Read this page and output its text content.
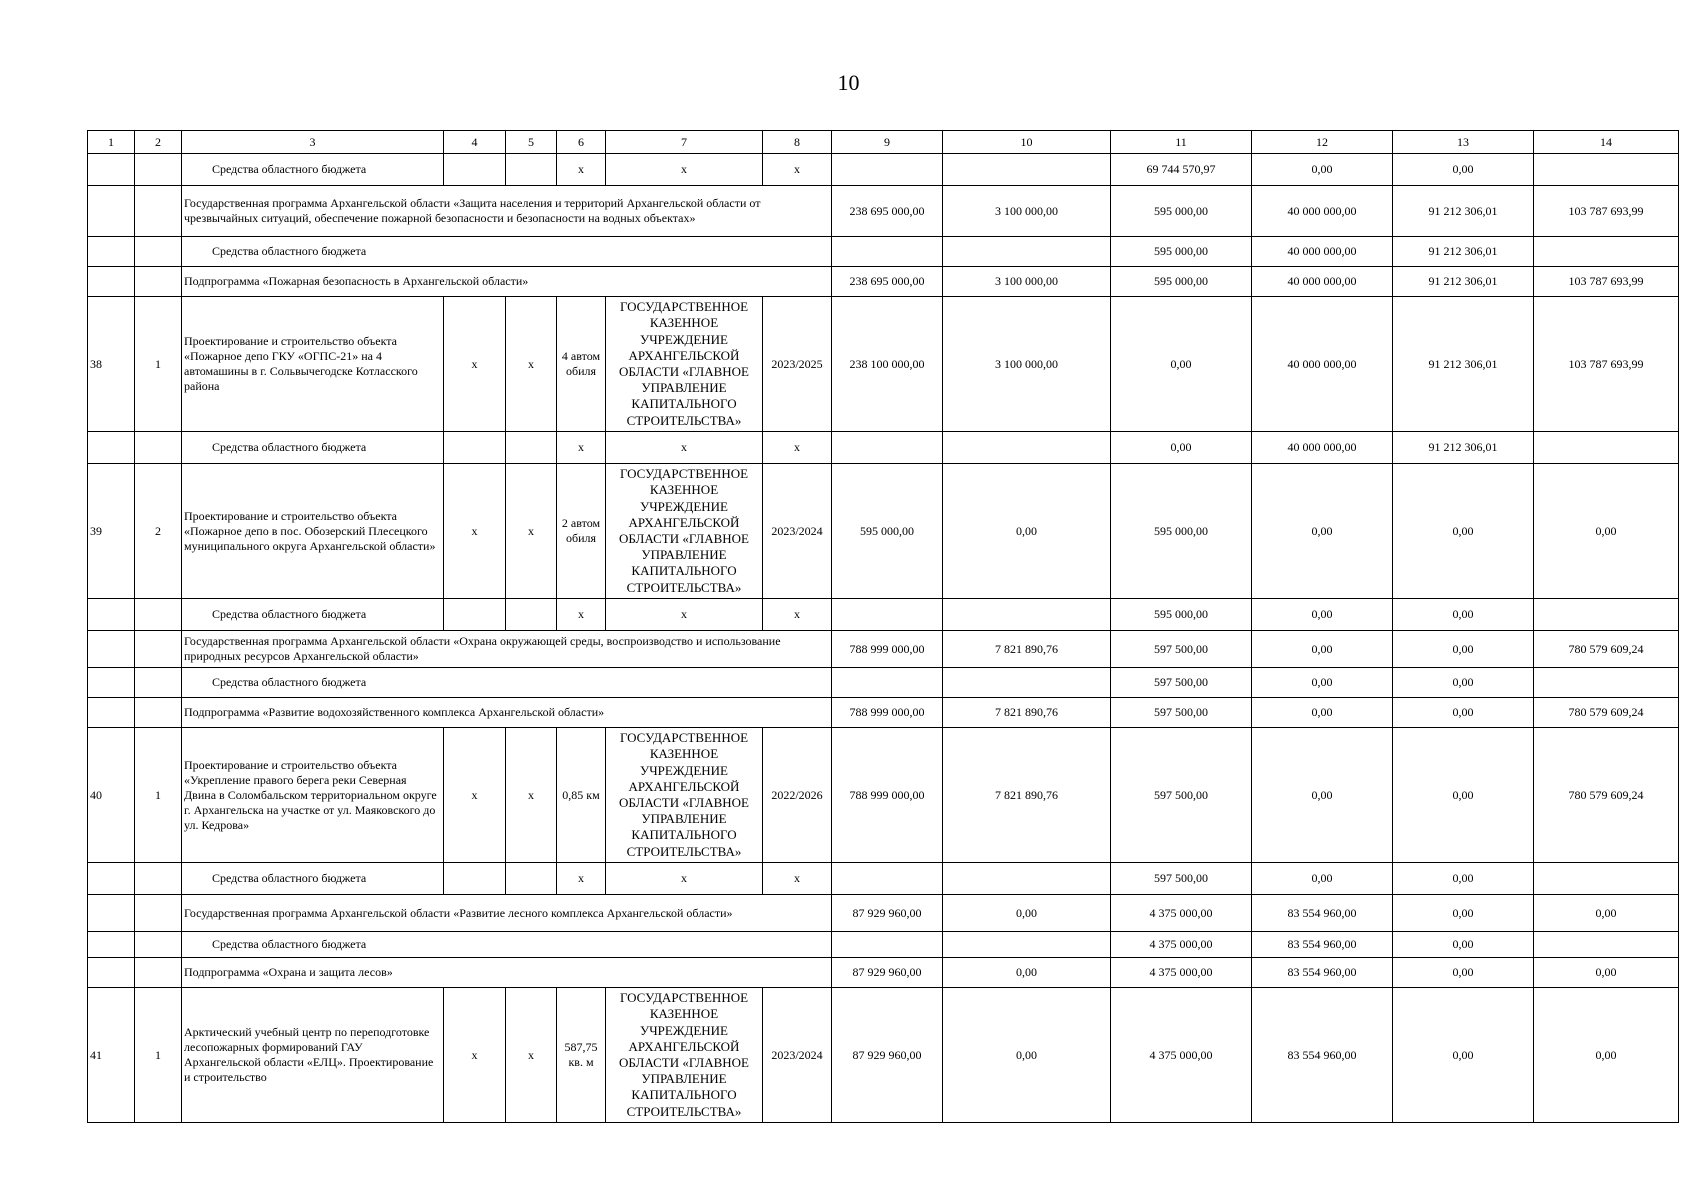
10
1	2	3	4	5	6	7	8	9	10	11	12	13	14
		Средства областного бюджета			х	х	х			69 744 570,97	0,00	0,00	
		Государственная программа Архангельской области «Защита населения и территорий Архангельской области от чрезвычайных ситуаций, обеспечение пожарной безопасности и безопасности на водных объектах»						238 695 000,00	3 100 000,00	595 000,00	40 000 000,00	91 212 306,01	103 787 693,99
		Средства областного бюджета								595 000,00	40 000 000,00	91 212 306,01	
		Подпрограмма «Пожарная безопасность в Архангельской области»						238 695 000,00	3 100 000,00	595 000,00	40 000 000,00	91 212 306,01	103 787 693,99
38	1	Проектирование и строительство объекта «Пожарное депо ГКУ «ОГПС-21» на 4 автомашины в г. Сольвычегодске Котласского района	х	х	4 автом обиля	ГОСУДАРСТВЕННОЕ КАЗЕННОЕ УЧРЕЖДЕНИЕ АРХАНГЕЛЬСКОЙ ОБЛАСТИ «ГЛАВНОЕ УПРАВЛЕНИЕ КАПИТАЛЬНОГО СТРОИТЕЛЬСТВА»	2023/2025	238 100 000,00	3 100 000,00	0,00	40 000 000,00	91 212 306,01	103 787 693,99
		Средства областного бюджета			х	х	х			0,00	40 000 000,00	91 212 306,01	
39	2	Проектирование и строительство объекта «Пожарное депо в пос. Обозерский Плесецкого муниципального округа Архангельской области»	х	х	2 автом обиля	ГОСУДАРСТВЕННОЕ КАЗЕННОЕ УЧРЕЖДЕНИЕ АРХАНГЕЛЬСКОЙ ОБЛАСТИ «ГЛАВНОЕ УПРАВЛЕНИЕ КАПИТАЛЬНОГО СТРОИТЕЛЬСТВА»	2023/2024	595 000,00	0,00	595 000,00	0,00	0,00	0,00
		Средства областного бюджета			х	х	х			595 000,00	0,00	0,00	
		Государственная программа Архангельской области «Охрана окружающей среды, воспроизводство и использование природных ресурсов Архангельской области»						788 999 000,00	7 821 890,76	597 500,00	0,00	0,00	780 579 609,24
		Средства областного бюджета								597 500,00	0,00	0,00	
		Подпрограмма «Развитие водохозяйственного комплекса Архангельской области»						788 999 000,00	7 821 890,76	597 500,00	0,00	0,00	780 579 609,24
40	1	Проектирование и строительство объекта «Укрепление правого берега реки Северная Двина в Соломбальском территориальном округе г. Архангельска на участке от ул. Маяковского до ул. Кедрова»	х	х	0,85 км	ГОСУДАРСТВЕННОЕ КАЗЕННОЕ УЧРЕЖДЕНИЕ АРХАНГЕЛЬСКОЙ ОБЛАСТИ «ГЛАВНОЕ УПРАВЛЕНИЕ КАПИТАЛЬНОГО СТРОИТЕЛЬСТВА»	2022/2026	788 999 000,00	7 821 890,76	597 500,00	0,00	0,00	780 579 609,24
		Средства областного бюджета			х	х	х			597 500,00	0,00	0,00	
		Государственная программа Архангельской области «Развитие лесного комплекса Архангельской области»						87 929 960,00	0,00	4 375 000,00	83 554 960,00	0,00	0,00
		Средства областного бюджета								4 375 000,00	83 554 960,00	0,00	
		Подпрограмма «Охрана и защита лесов»						87 929 960,00	0,00	4 375 000,00	83 554 960,00	0,00	0,00
41	1	Арктический учебный центр по переподготовке лесопожарных формирований ГАУ Архангельской области «ЕЛЦ». Проектирование и строительство	х	х	587,75 кв. м	ГОСУДАРСТВЕННОЕ КАЗЕННОЕ УЧРЕЖДЕНИЕ АРХАНГЕЛЬСКОЙ ОБЛАСТИ «ГЛАВНОЕ УПРАВЛЕНИЕ КАПИТАЛЬНОГО СТРОИТЕЛЬСТВА»	2023/2024	87 929 960,00	0,00	4 375 000,00	83 554 960,00	0,00	0,00
